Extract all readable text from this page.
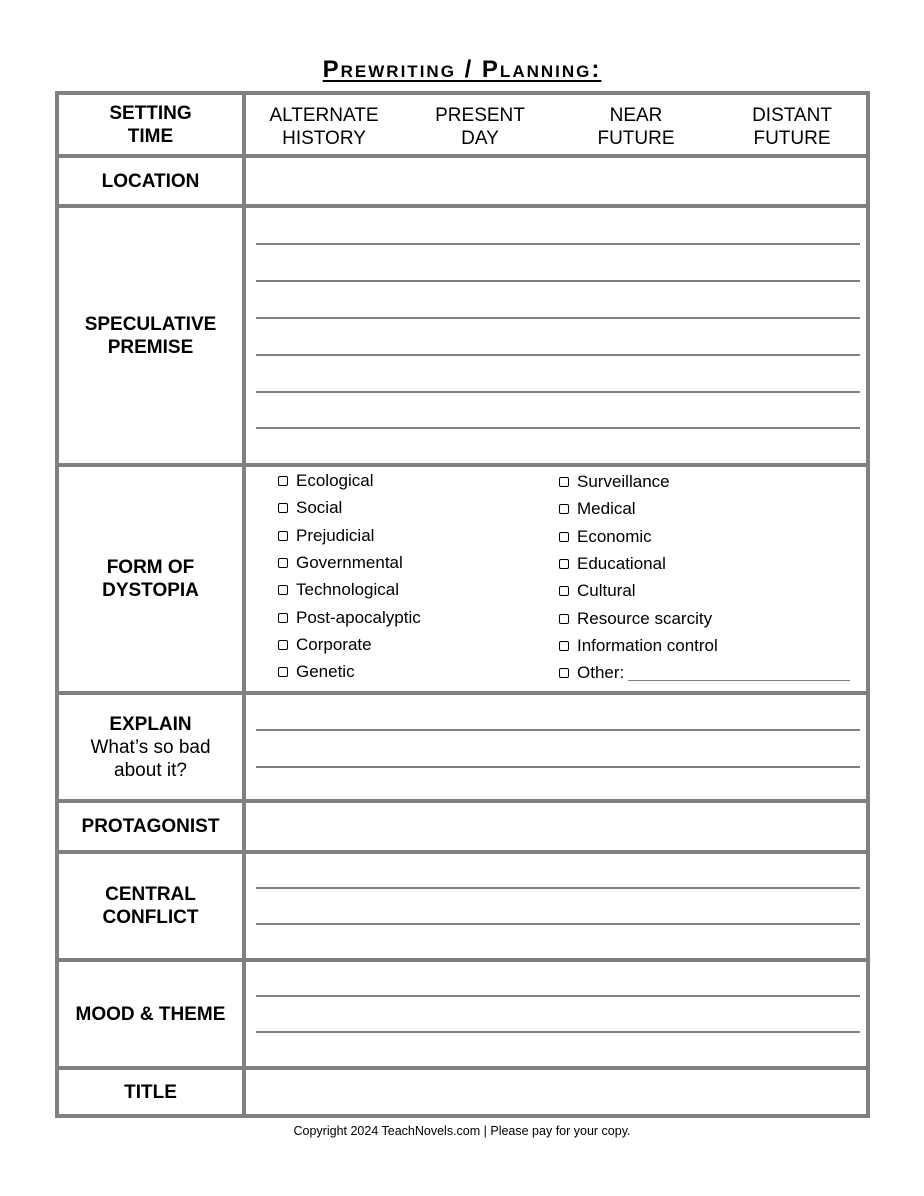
Prewriting / Planning:
SETTING
TIME
ALTERNATE
HISTORY
PRESENT
DAY
NEAR
FUTURE
DISTANT
FUTURE
LOCATION
SPECULATIVE
PREMISE
FORM OF
DYSTOPIA
Ecological
Social
Prejudicial
Governmental
Technological
Post-apocalyptic
Corporate
Genetic
Surveillance
Medical
Economic
Educational
Cultural
Resource scarcity
Information control
Other:
EXPLAIN
What’s so bad
about it?
PROTAGONIST
CENTRAL
CONFLICT
MOOD & THEME
TITLE
Copyright 2024 TeachNovels.com | Please pay for your copy.
